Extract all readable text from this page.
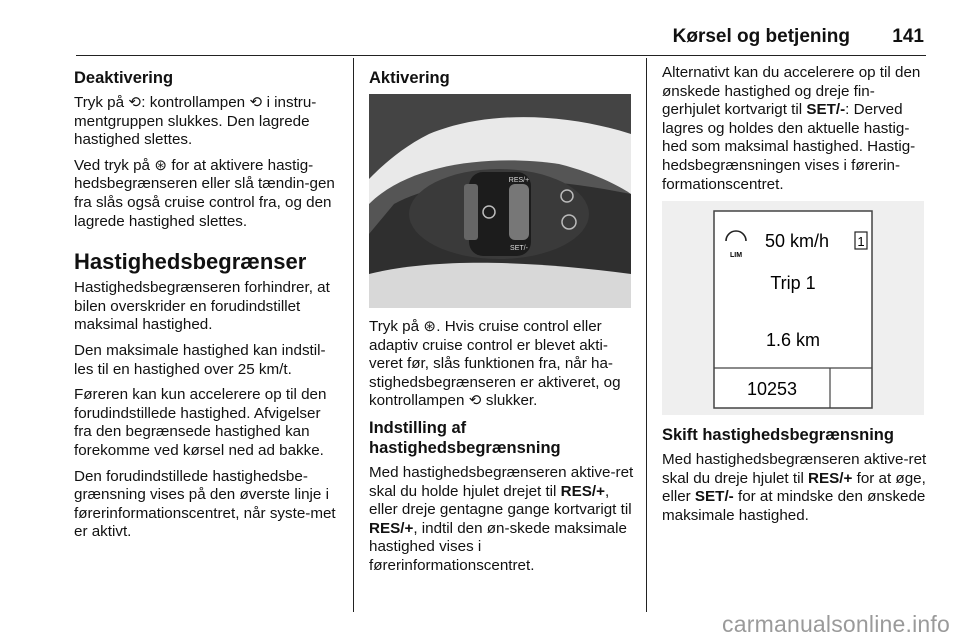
Kørsel og betjening 141
Deaktivering

Tryk på ⟲: kontrollampen ⟲ i instru-mentgruppen slukkes. Den lagrede hastighed slettes.

Ved tryk på ⊛ for at aktivere hastig-hedsbegrænseren eller slå tændin-gen fra slås også cruise control fra, og den lagrede hastighed slettes.

Hastighedsbegrænser

Hastighedsbegrænseren forhindrer, at bilen overskrider en forudindstillet maksimal hastighed.

Den maksimale hastighed kan indstil-les til en hastighed over 25 km/t.

Føreren kan kun accelerere op til den forudindstillede hastighed. Afvigelser fra den begrænsede hastighed kan forekomme ved kørsel ned ad bakke.

Den forudindstillede hastighedsbe-grænsning vises på den øverste linje i førerinformationscentret, når syste-met er aktivt.

Aktivering
RES/+
SET/-

Tryk på ⊛. Hvis cruise control eller adaptiv cruise control er blevet akti-veret før, slås funktionen fra, når ha-stighedsbegrænseren er aktiveret, og kontrollampen ⟲ slukker.

Indstilling af hastighedsbegrænsning

Med hastighedsbegrænseren aktive-ret skal du holde hjulet drejet til RES/+, eller dreje gentagne gange kortvarigt til RES/+, indtil den øn-skede maksimale hastighed vises i førerinformationscentret.

Alternativt kan du accelerere op til den ønskede hastighed og dreje fin-gerhjulet kortvarigt til SET/-: Derved lagres og holdes den aktuelle hastig-hed som maksimal hastighed. Hastig-hedsbegrænsningen vises i førerin-formationscentret.

LIM
50 km/h 1
Trip 1
1.6 km
10253
Skift hastighedsbegrænsning

Med hastighedsbegrænseren aktive-ret skal du dreje hjulet til RES/+ for at øge, eller SET/- for at mindske den ønskede maksimale hastighed.

carmanualsonline.info
